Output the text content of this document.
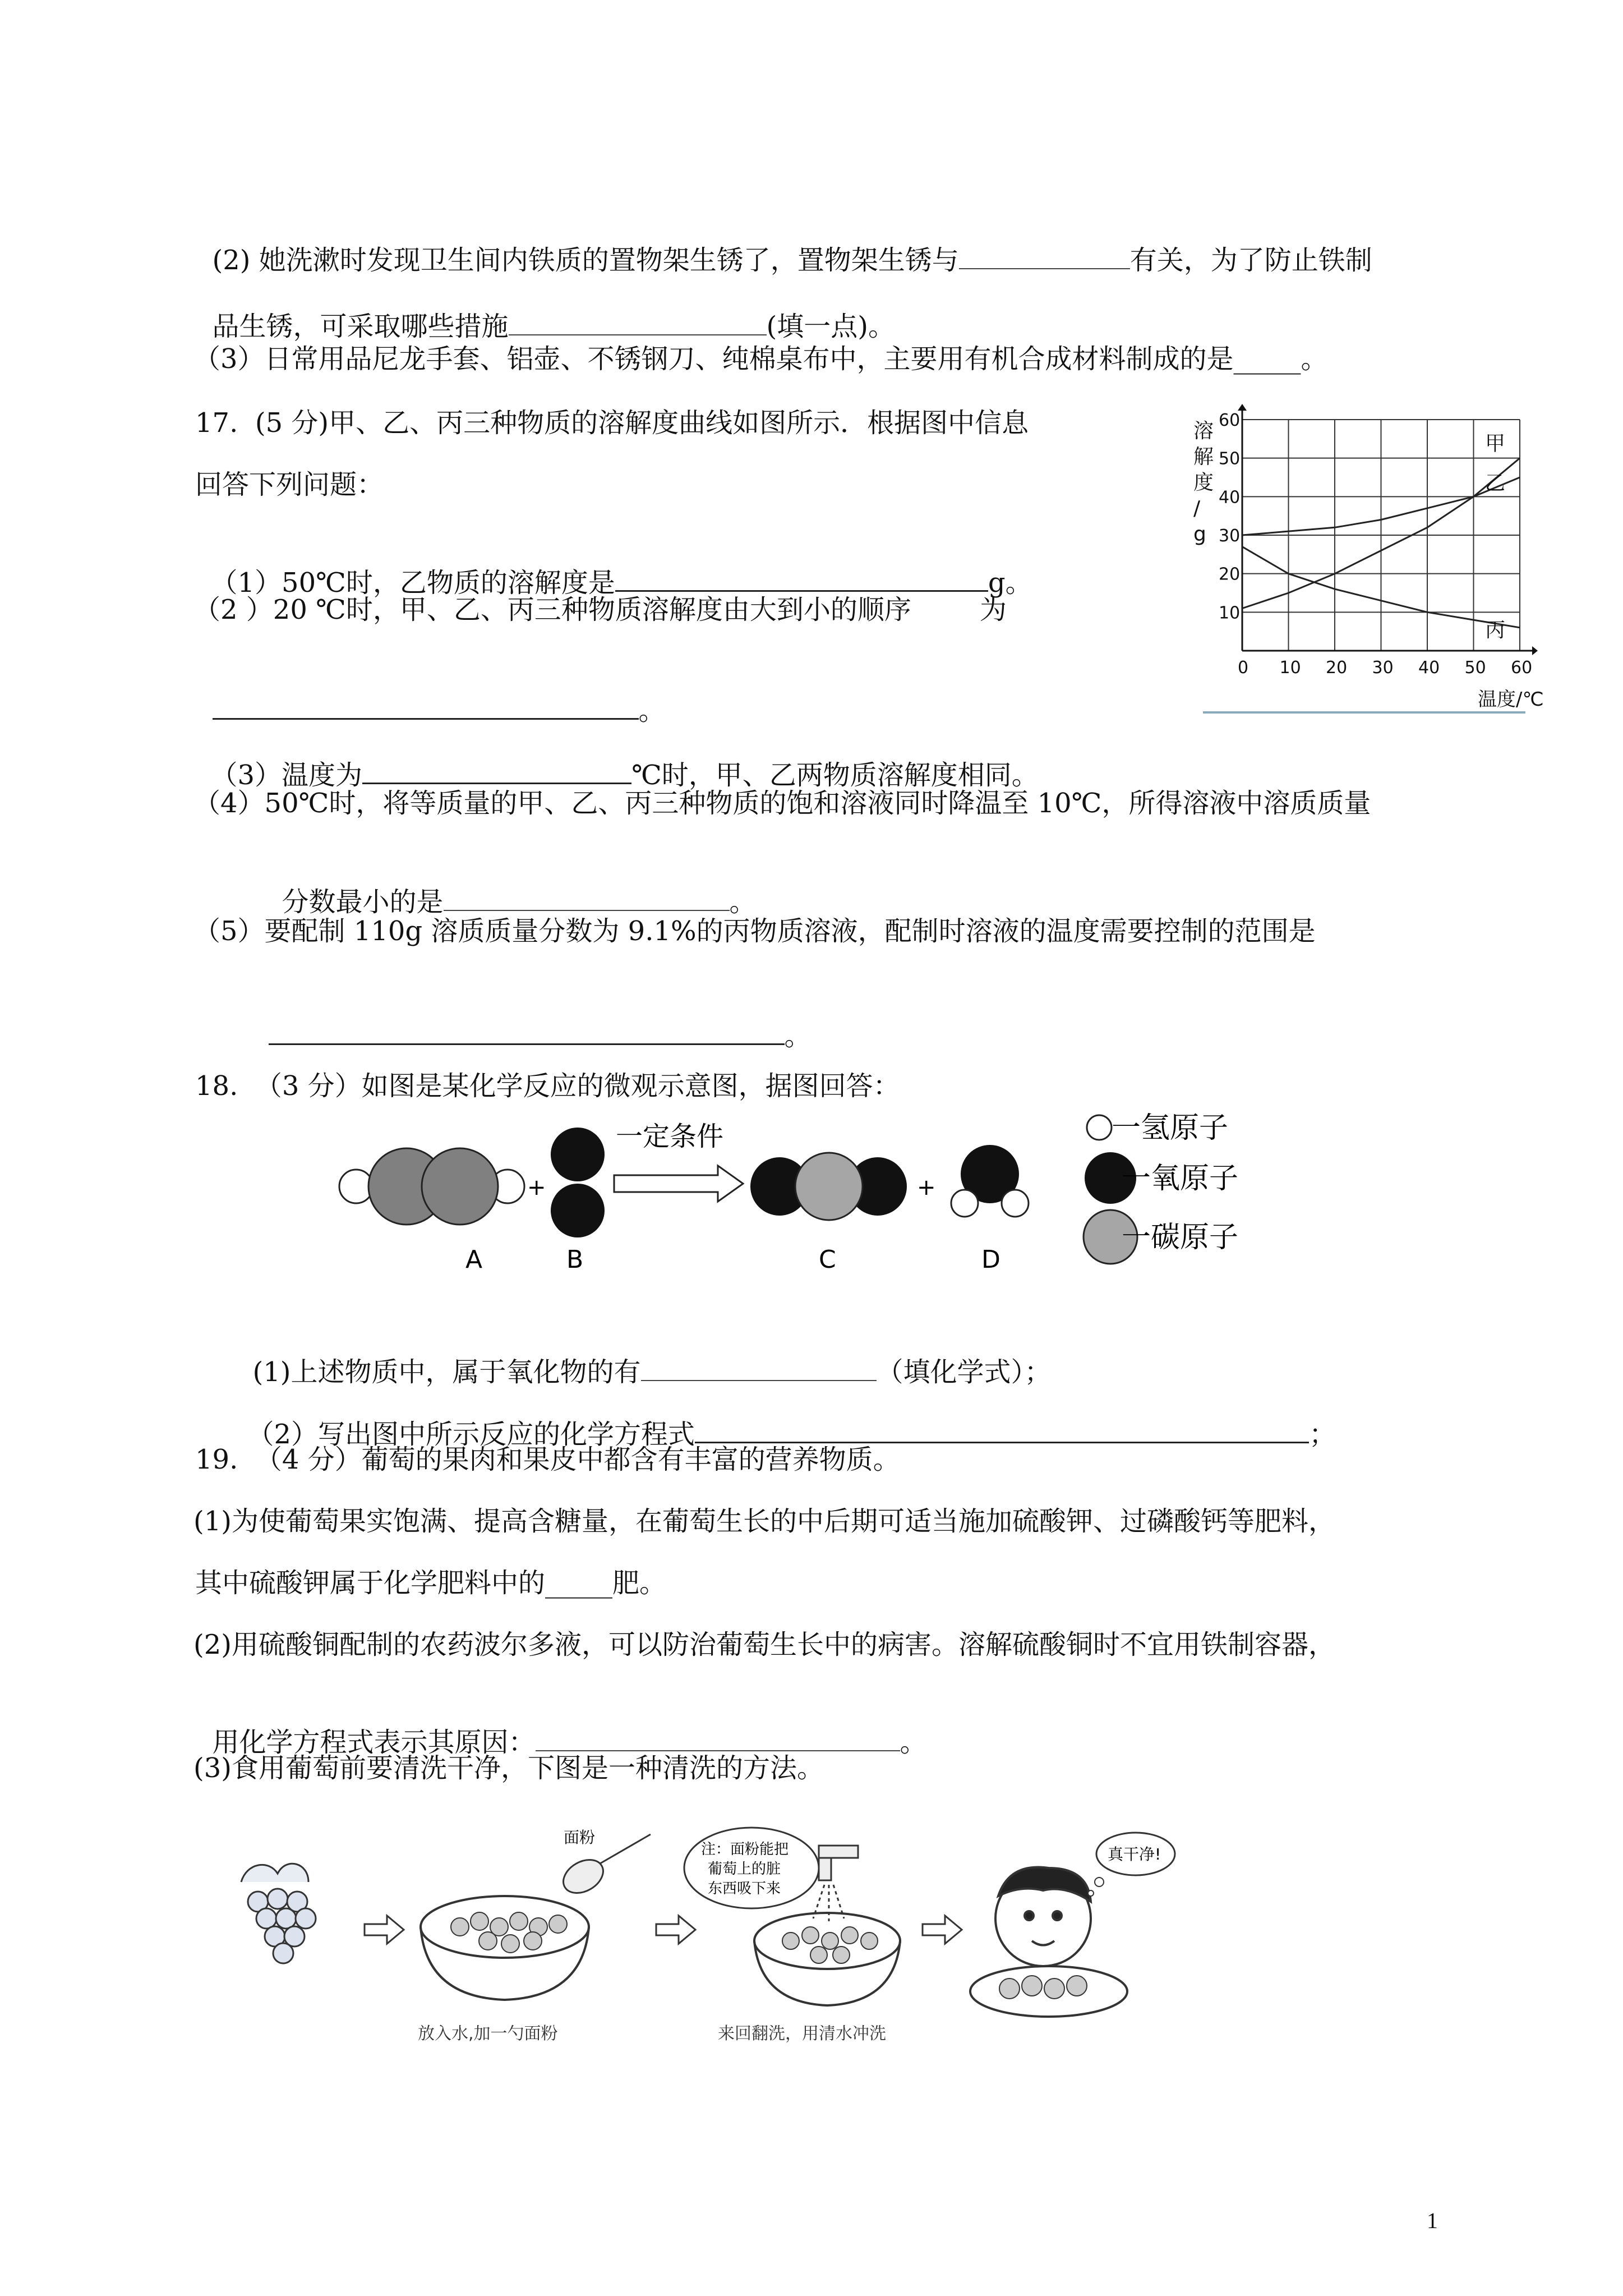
(2) 她洗漱时发现卫生间内铁质的置物架生锈了，置物架生锈与	有关，为了防止铁制

品生锈，可采取哪些措施	(填一点)。

（3）日常用品尼龙手套、铝壶、不锈钢刀、纯棉桌布中，主要用有机合成材料制成的是_____。
17.  (5 分)甲、乙、丙三种物质的溶解度曲线如图所示．根据图中信息
回答下列问题：

（1）50℃时，乙物质的溶解度是	g。

（2 ）20 ℃时，甲、乙、丙三种物质溶解度由大到小的顺序        为

。

（3）温度为	℃时，甲、乙两物质溶解度相同。

（4）50℃时，将等质量的甲、乙、丙三种物质的饱和溶液同时降温至 10℃，所得溶液中溶质质量

分数最小的是	。

（5）要配制 110g 溶质质量分数为 9.1%的丙物质溶液，配制时溶液的温度需要控制的范围是

。

溶
解
度
/
g
0 10 20 30 40 50 60
10
20
30
40
50
60
甲
乙
丙
温度/℃
18.  （3 分）如图是某化学反应的微观示意图，据图回答：
+
一定条件
+
A	B	C	D
一氢原子
一氧原子
一碳原子

(1)上述物质中，属于氧化物的有	（填化学式）；

（2）写出图中所示反应的化学方程式	；

19.  （4 分）葡萄的果肉和果皮中都含有丰富的营养物质。
(1)为使葡萄果实饱满、提高含糖量，在葡萄生长的中后期可适当施加硫酸钾、过磷酸钙等肥料，
其中硫酸钾属于化学肥料中的_____肥。
(2)用硫酸铜配制的农药波尔多液，可以防治葡萄生长中的病害。溶解硫酸铜时不宜用铁制容器，

用化学方程式表示其原因：	。

(3)食用葡萄前要清洗干净，下图是一种清洗的方法。
面粉
放入水,加一勺面粉
注：面粉能把
葡萄上的脏
东西吸下来
来回翻洗，用清水冲洗
真干净!
1
